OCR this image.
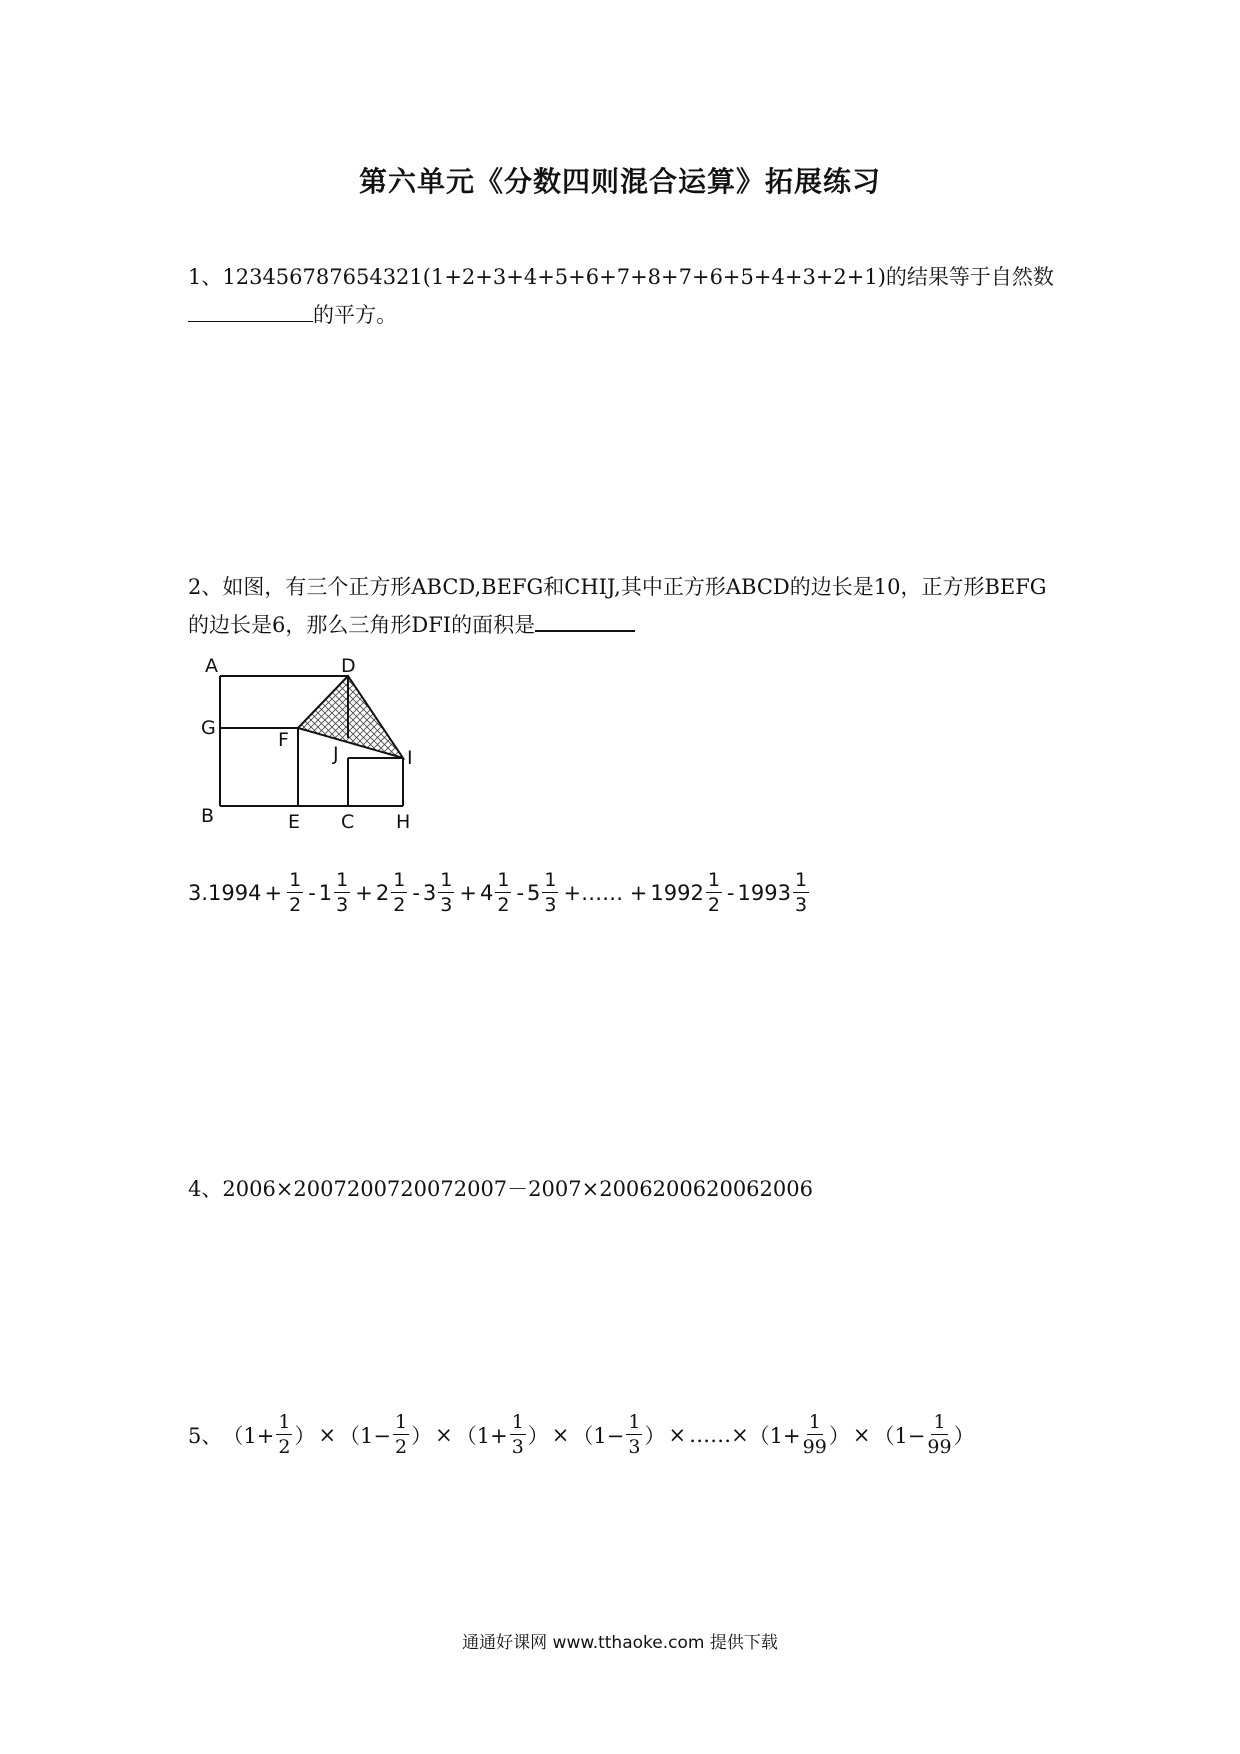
第六单元《分数四则混合运算》拓展练习
1、123456787654321(1+2+3+4+5+6+7+8+7+6+5+4+3+2+1)的结果等于自然数
的平方。
2、如图，有三个正方形ABCD,BEFG和CHIJ,其中正方形ABCD的边长是10，正方形BEFG
的边长是6，那么三角形DFI的面积是
A	D
G
F
J	I
B	E C H
$3.1994 + \frac{1}{2} - 1 \frac{1}{3} + 2 \frac{1}{2} - 3 \frac{1}{3} + 4 \frac{1}{2} - 5 \frac{1}{3}$ +…… + $1992 \frac{1}{2} - 1993 \frac{1}{3}$
4、2006×2007200720072007－2007×2006200620062006
5、 （$1+ \frac{1}{2}$ ） × （$1- \frac{1}{2}$ ） × （$1+ \frac{1}{3}$ ） × （$1- \frac{1}{3}$ ） × ……× （$1+ \frac{1}{99}$ ） × （$1- \frac{1}{99}$ ）
通通好课网 www.tthaoke.com 提供下载
